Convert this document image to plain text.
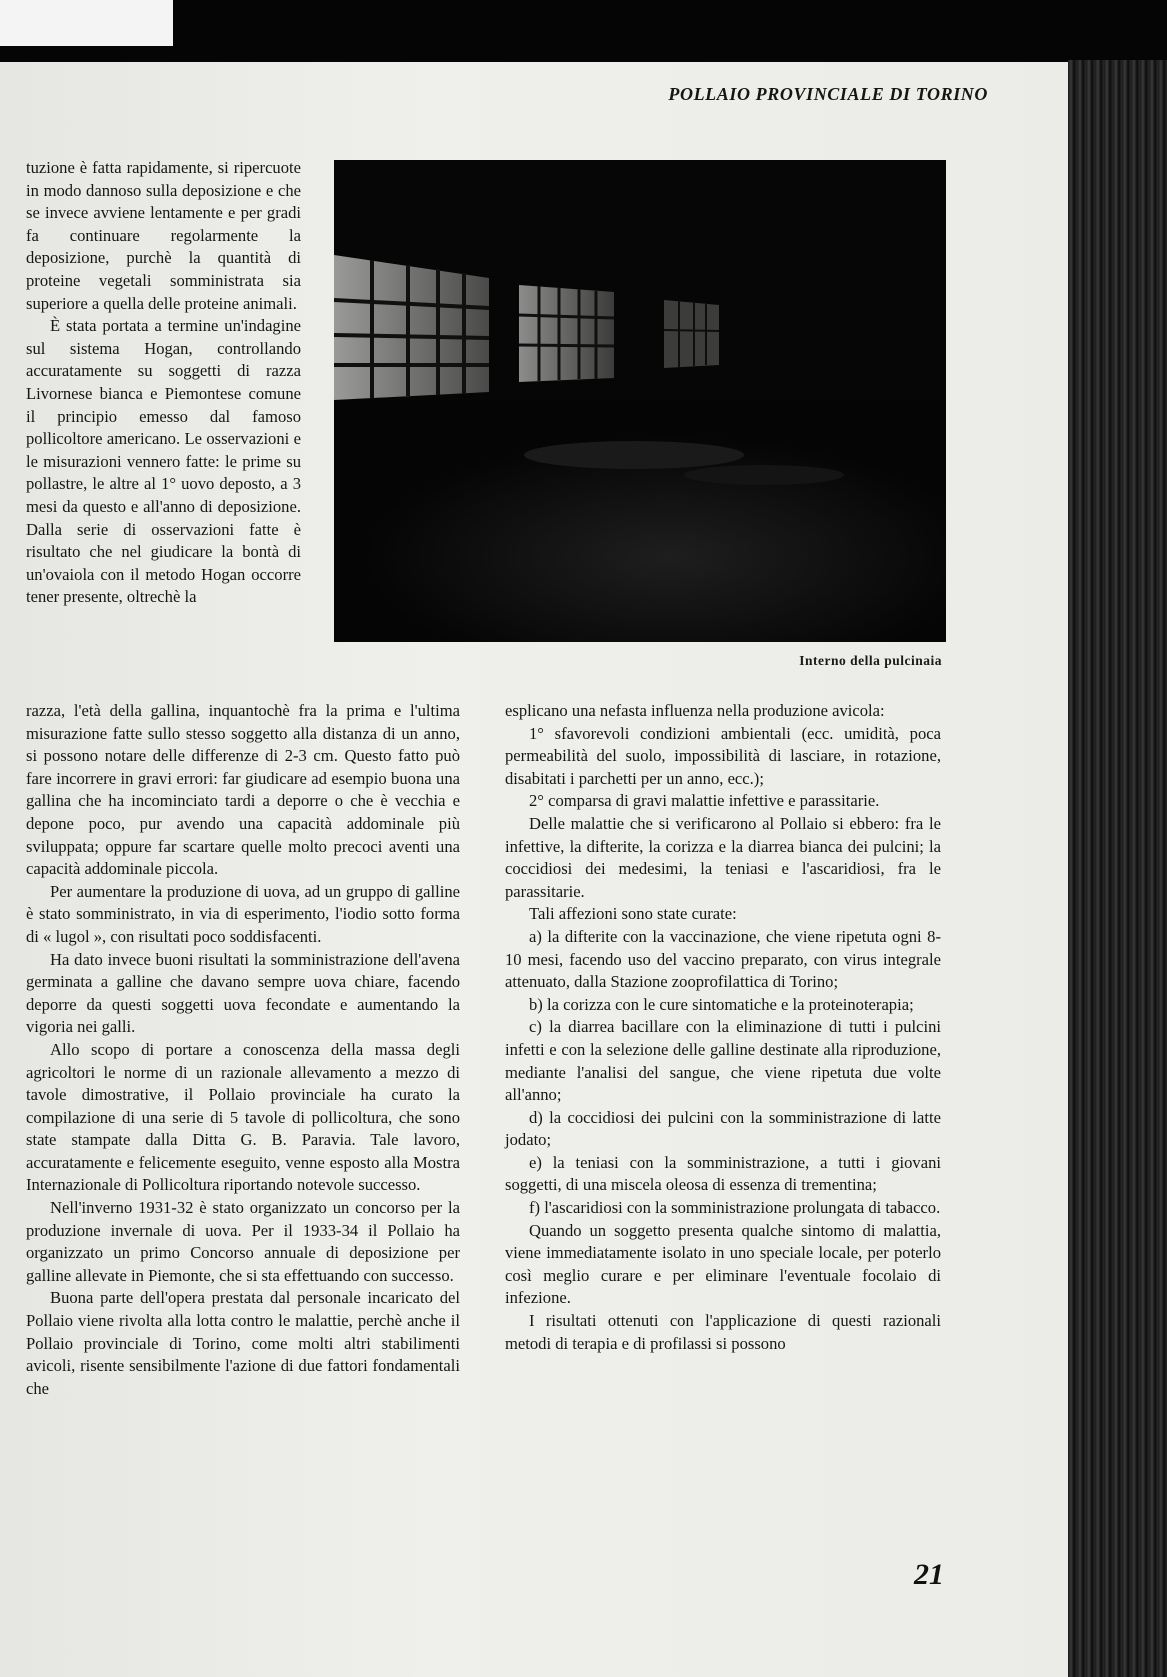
POLLAIO PROVINCIALE DI TORINO

tuzione è fatta rapidamente, si ripercuote in modo dannoso sulla deposizione e che se invece avviene lentamente e per gradi fa continuare regolarmente la deposizione, purchè la quantità di proteine vegetali somministrata sia superiore a quella delle proteine animali.

È stata portata a termine un'indagine sul sistema Hogan, controllando accuratamente su soggetti di razza Livornese bianca e Piemontese comune il principio emesso dal famoso pollicoltore americano. Le osservazioni e le misurazioni vennero fatte: le prime su pollastre, le altre al 1° uovo deposto, a 3 mesi da questo e all'anno di deposizione. Dalla serie di osservazioni fatte è risultato che nel giudicare la bontà di un'ovaiola con il metodo Hogan occorre tener presente, oltrechè la

Interno della pulcinaia

razza, l'età della gallina, inquantochè fra la prima e l'ultima misurazione fatte sullo stesso soggetto alla distanza di un anno, si possono notare delle differenze di 2-3 cm. Questo fatto può fare incorrere in gravi errori: far giudicare ad esempio buona una gallina che ha incominciato tardi a deporre o che è vecchia e depone poco, pur avendo una capacità addominale più sviluppata; oppure far scartare quelle molto precoci aventi una capacità addominale piccola.

Per aumentare la produzione di uova, ad un gruppo di galline è stato somministrato, in via di esperimento, l'iodio sotto forma di « lugol », con risultati poco soddisfacenti.

Ha dato invece buoni risultati la somministrazione dell'avena germinata a galline che davano sempre uova chiare, facendo deporre da questi soggetti uova fecondate e aumentando la vigoria nei galli.

Allo scopo di portare a conoscenza della massa degli agricoltori le norme di un razionale allevamento a mezzo di tavole dimostrative, il Pollaio provinciale ha curato la compilazione di una serie di 5 tavole di pollicoltura, che sono state stampate dalla Ditta G. B. Paravia. Tale lavoro, accuratamente e felicemente eseguito, venne esposto alla Mostra Internazionale di Pollicoltura riportando notevole successo.

Nell'inverno 1931-32 è stato organizzato un concorso per la produzione invernale di uova. Per il 1933-34 il Pollaio ha organizzato un primo Concorso annuale di deposizione per galline allevate in Piemonte, che si sta effettuando con successo.

Buona parte dell'opera prestata dal personale incaricato del Pollaio viene rivolta alla lotta contro le malattie, perchè anche il Pollaio provinciale di Torino, come molti altri stabilimenti avicoli, risente sensibilmente l'azione di due fattori fondamentali che

esplicano una nefasta influenza nella produzione avicola:

1° sfavorevoli condizioni ambientali (ecc. umidità, poca permeabilità del suolo, impossibilità di lasciare, in rotazione, disabitati i parchetti per un anno, ecc.);

2° comparsa di gravi malattie infettive e parassitarie.

Delle malattie che si verificarono al Pollaio si ebbero: fra le infettive, la difterite, la corizza e la diarrea bianca dei pulcini; la coccidiosi dei medesimi, la teniasi e l'ascaridiosi, fra le parassitarie.

Tali affezioni sono state curate:

a) la difterite con la vaccinazione, che viene ripetuta ogni 8-10 mesi, facendo uso del vaccino preparato, con virus integrale attenuato, dalla Stazione zooprofilattica di Torino;

b) la corizza con le cure sintomatiche e la proteinoterapia;

c) la diarrea bacillare con la eliminazione di tutti i pulcini infetti e con la selezione delle galline destinate alla riproduzione, mediante l'analisi del sangue, che viene ripetuta due volte all'anno;

d) la coccidiosi dei pulcini con la somministrazione di latte jodato;

e) la teniasi con la somministrazione, a tutti i giovani soggetti, di una miscela oleosa di essenza di trementina;

f) l'ascaridiosi con la somministrazione prolungata di tabacco.

Quando un soggetto presenta qualche sintomo di malattia, viene immediatamente isolato in uno speciale locale, per poterlo così meglio curare e per eliminare l'eventuale focolaio di infezione.

I risultati ottenuti con l'applicazione di questi razionali metodi di terapia e di profilassi si possono

21
